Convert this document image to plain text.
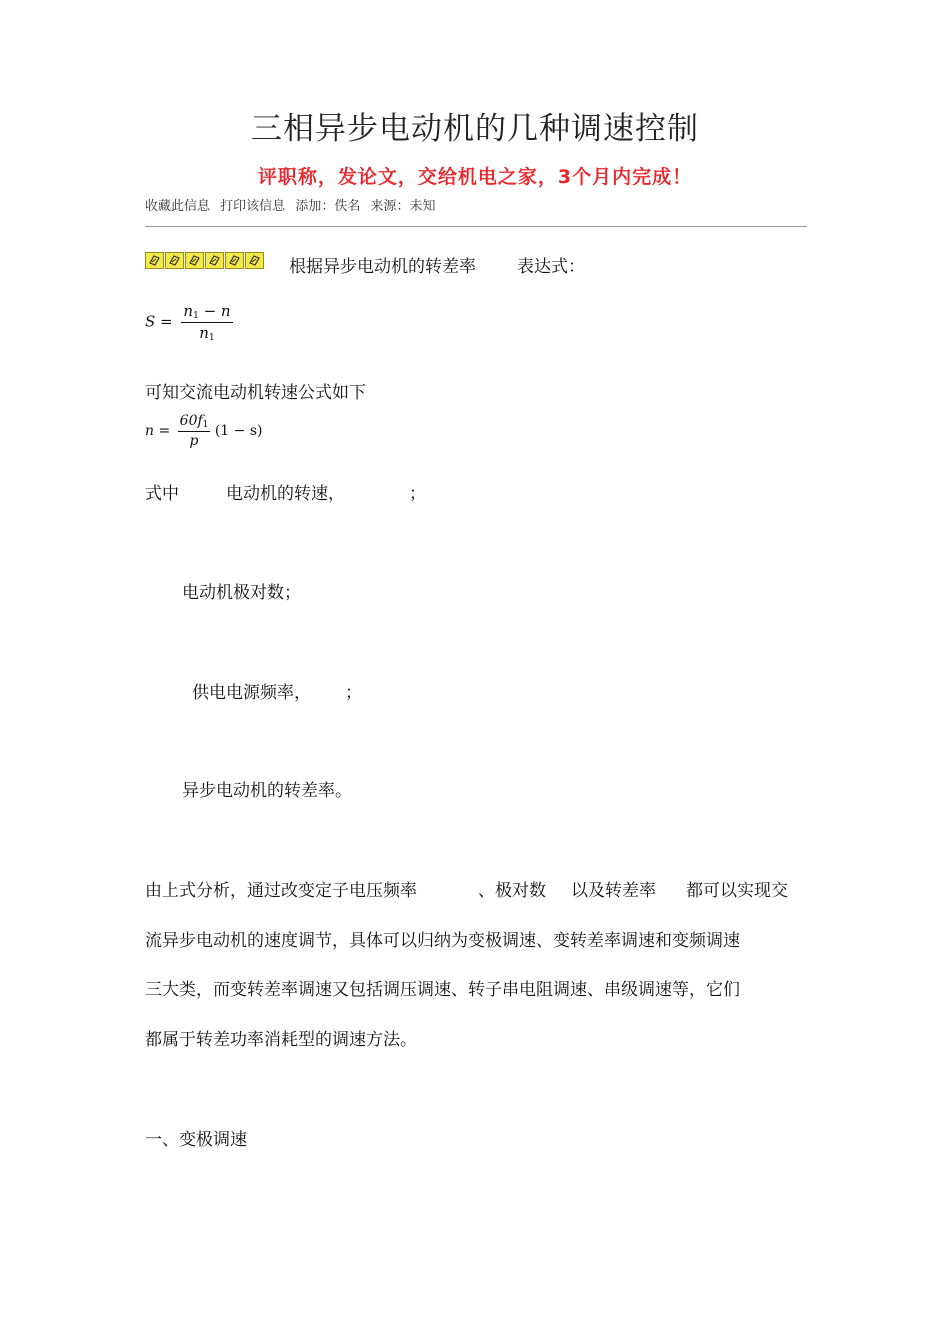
三相异步电动机的几种调速控制
评职称，发论文，交给机电之家，3个月内完成！
收藏此信息 打印该信息 添加：佚名 来源：未知
根据异步电动机的转差率 表达式：
$S = \frac{n_1 - n}{n_1}$
可知交流电动机转速公式如下
$n = \frac{60f_1}{p} (1 - s)$
式中	电动机的转速，	；
电动机极对数；
供电电源频率， ；
异步电动机的转差率。
由上式分析，通过改变定子电压频率	、极对数 以及转差率 都可以实现交
流异步电动机的速度调节，具体可以归纳为变极调速、变转差率调速和变频调速
三大类，而变转差率调速又包括调压调速、转子串电阻调速、串级调速等，它们
都属于转差功率消耗型的调速方法。
一、变极调速
